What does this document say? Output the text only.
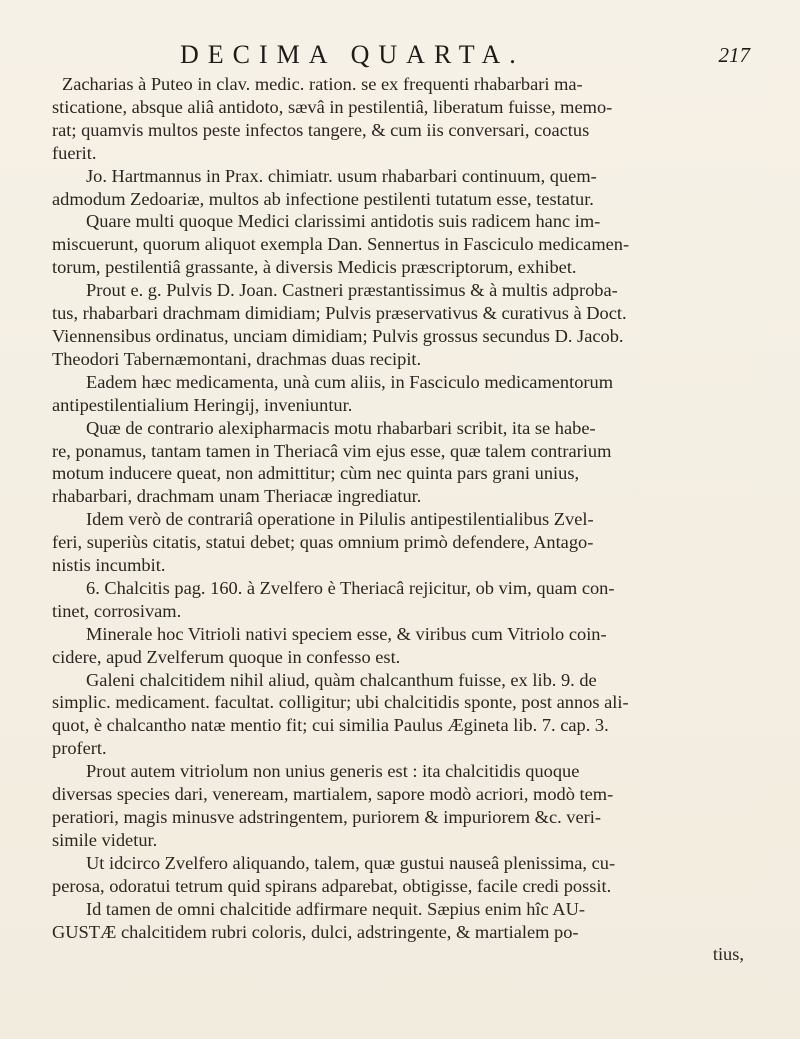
DECIMA QUARTA.	217
Zacharias à Puteo in clav. medic. ration. se ex frequenti rhabarbari ma-
sticatione, absque aliâ antidoto, sævâ in pestilentiâ, liberatum fuisse, memo-
rat; quamvis multos peste infectos tangere, & cum iis conversari, coactus
fuerit.
Jo. Hartmannus in Prax. chimiatr. usum rhabarbari continuum, quem-
admodum Zedoariæ, multos ab infectione pestilenti tutatum esse, testatur.
Quare multi quoque Medici clarissimi antidotis suis radicem hanc im-
miscuerunt, quorum aliquot exempla Dan. Sennertus in Fasciculo medicamen-
torum, pestilentiâ grassante, à diversis Medicis præscriptorum, exhibet.
Prout e. g. Pulvis D. Joan. Castneri præstantissimus & à multis adproba-
tus, rhabarbari drachmam dimidiam; Pulvis præservativus & curativus à Doct.
Viennensibus ordinatus, unciam dimidiam; Pulvis grossus secundus D. Jacob.
Theodori Tabernæmontani, drachmas duas recipit.
Eadem hæc medicamenta, unà cum aliis, in Fasciculo medicamentorum
antipestilentialium Heringij, inveniuntur.
Quæ de contrario alexipharmacis motu rhabarbari scribit, ita se habe-
re, ponamus, tantam tamen in Theriacâ vim ejus esse, quæ talem contrarium
motum inducere queat, non admittitur; cùm nec quinta pars grani unius,
rhabarbari, drachmam unam Theriacæ ingrediatur.
Idem verò de contrariâ operatione in Pilulis antipestilentialibus Zvel-
feri, superiùs citatis, statui debet; quas omnium primò defendere, Antago-
nistis incumbit.
6. Chalcitis pag. 160. à Zvelfero è Theriacâ rejicitur, ob vim, quam con-
tinet, corrosivam.
Minerale hoc Vitrioli nativi speciem esse, & viribus cum Vitriolo coin-
cidere, apud Zvelferum quoque in confesso est.
Galeni chalcitidem nihil aliud, quàm chalcanthum fuisse, ex lib. 9. de
simplic. medicament. facultat. colligitur; ubi chalcitidis sponte, post annos ali-
quot, è chalcantho natæ mentio fit; cui similia Paulus Ægineta lib. 7. cap. 3.
profert.
Prout autem vitriolum non unius generis est : ita chalcitidis quoque
diversas species dari, veneream, martialem, sapore modò acriori, modò tem-
peratiori, magis minusve adstringentem, puriorem & impuriorem &c. veri-
simile videtur.
Ut idcirco Zvelfero aliquando, talem, quæ gustui nauseâ plenissima, cu-
perosa, odoratui tetrum quid spirans adparebat, obtigisse, facile credi possit.
Id tamen de omni chalcitide adfirmare nequit. Sæpius enim hîc AU-
GUSTÆ chalcitidem rubri coloris, dulci, adstringente, & martialem po-
tius,
